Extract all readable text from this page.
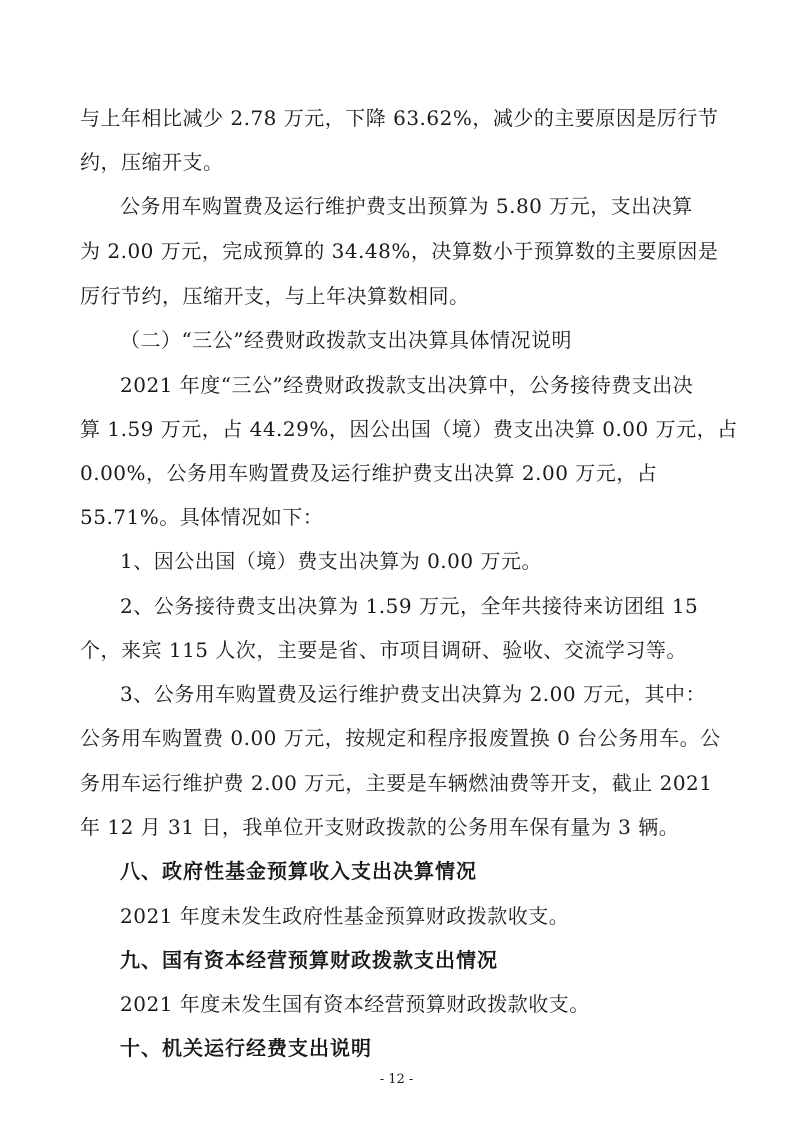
与上年相比减少 2.78 万元，下降 63.62%，减少的主要原因是厉行节
约，压缩开支。
公务用车购置费及运行维护费支出预算为 5.80 万元，支出决算
为 2.00 万元，完成预算的 34.48%，决算数小于预算数的主要原因是
厉行节约，压缩开支，与上年决算数相同。
（二）“三公”经费财政拨款支出决算具体情况说明
2021 年度“三公”经费财政拨款支出决算中，公务接待费支出决
算 1.59 万元，占 44.29%，因公出国（境）费支出决算 0.00 万元，占
0.00%，公务用车购置费及运行维护费支出决算 2.00 万元，占
55.71%。具体情况如下：
1、因公出国（境）费支出决算为 0.00 万元。
2、公务接待费支出决算为 1.59 万元，全年共接待来访团组 15
个，来宾 115 人次，主要是省、市项目调研、验收、交流学习等。
3、公务用车购置费及运行维护费支出决算为 2.00 万元，其中：
公务用车购置费 0.00 万元，按规定和程序报废置换 0 台公务用车。公
务用车运行维护费 2.00 万元，主要是车辆燃油费等开支，截止 2021
年 12 月 31 日，我单位开支财政拨款的公务用车保有量为 3 辆。
八、政府性基金预算收入支出决算情况
2021 年度未发生政府性基金预算财政拨款收支。
九、国有资本经营预算财政拨款支出情况
2021 年度未发生国有资本经营预算财政拨款收支。
十、机关运行经费支出说明
- 12 -
